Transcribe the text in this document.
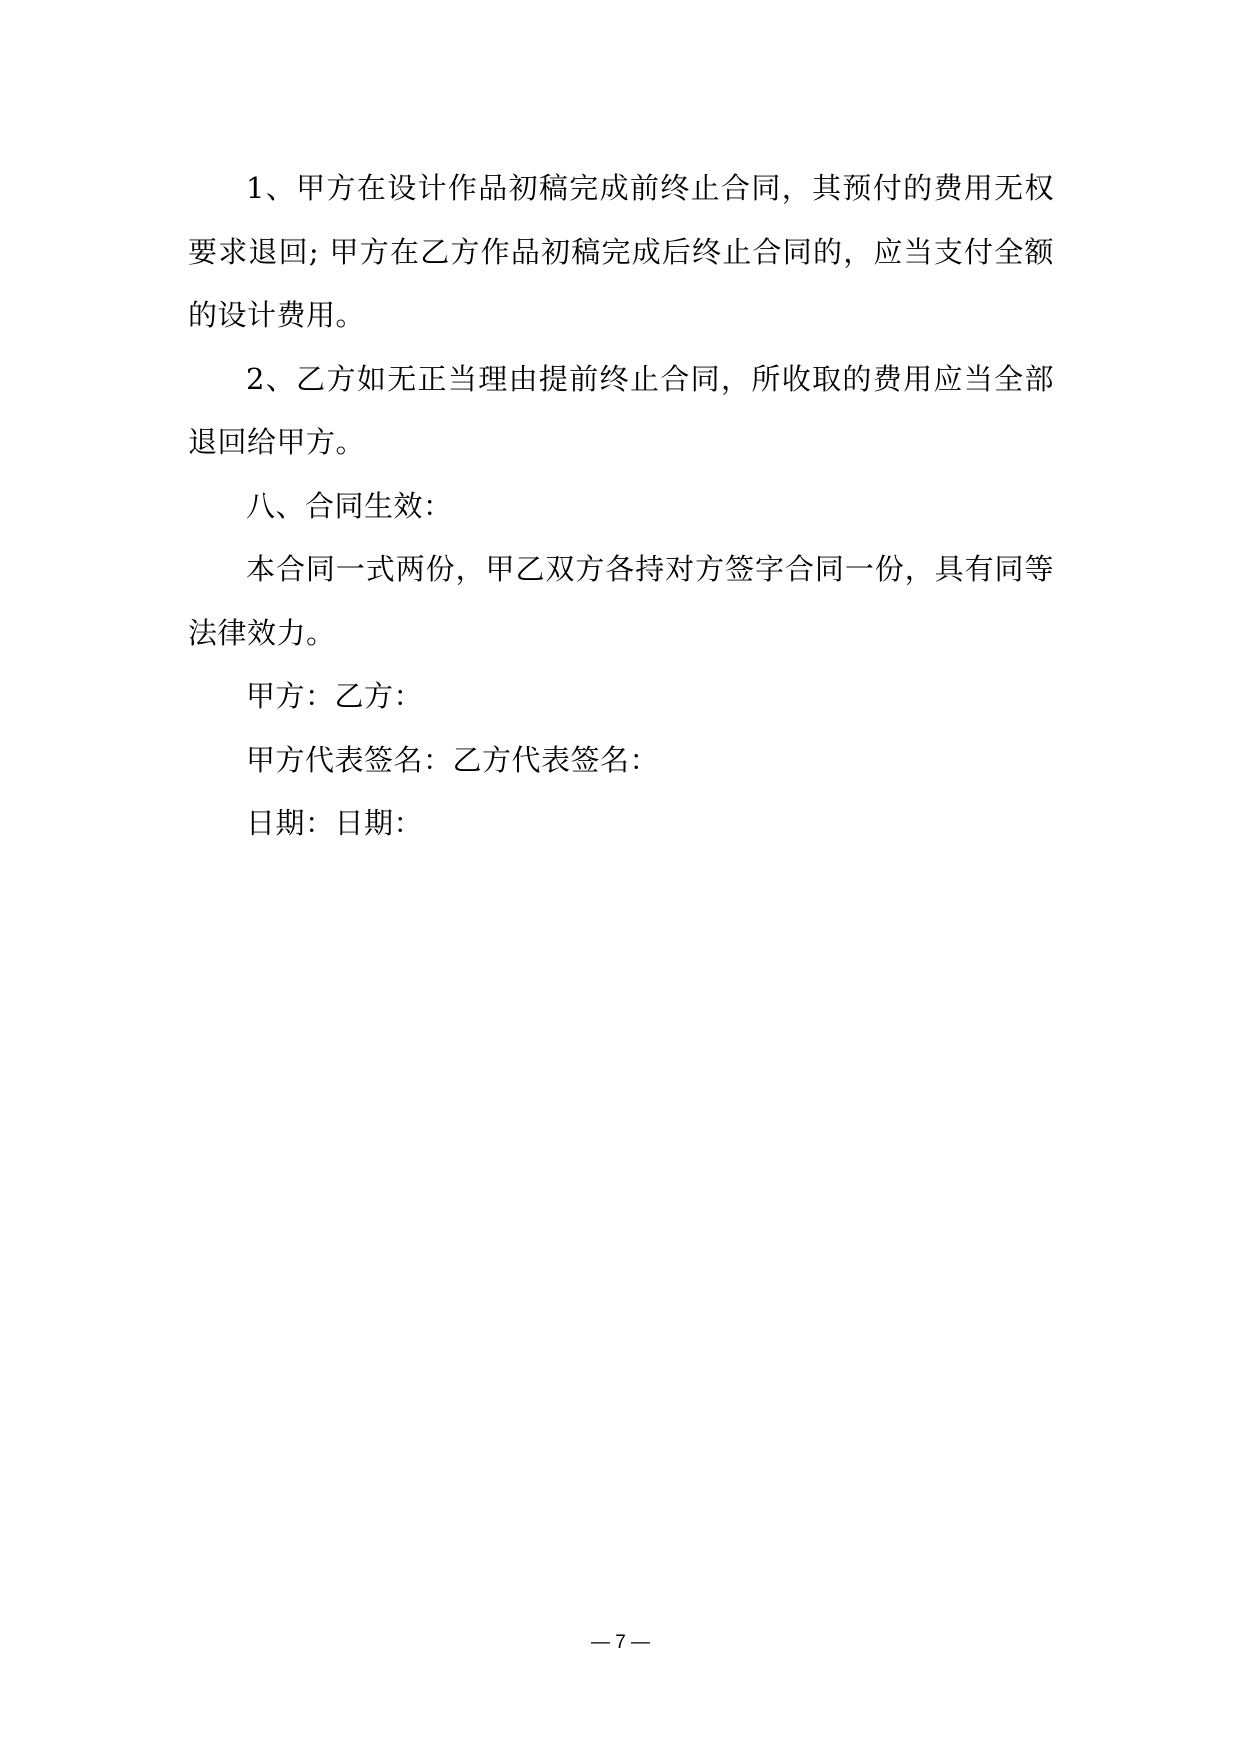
1、甲方在设计作品初稿完成前终止合同，其预付的费用无权要求退回; 甲方在乙方作品初稿完成后终止合同的，应当支付全额的设计费用。

2、乙方如无正当理由提前终止合同，所收取的费用应当全部退回给甲方。

八、合同生效：

本合同一式两份，甲乙双方各持对方签字合同一份，具有同等法律效力。

甲方：乙方：

甲方代表签名：乙方代表签名：

日期：日期：

— 7 —
